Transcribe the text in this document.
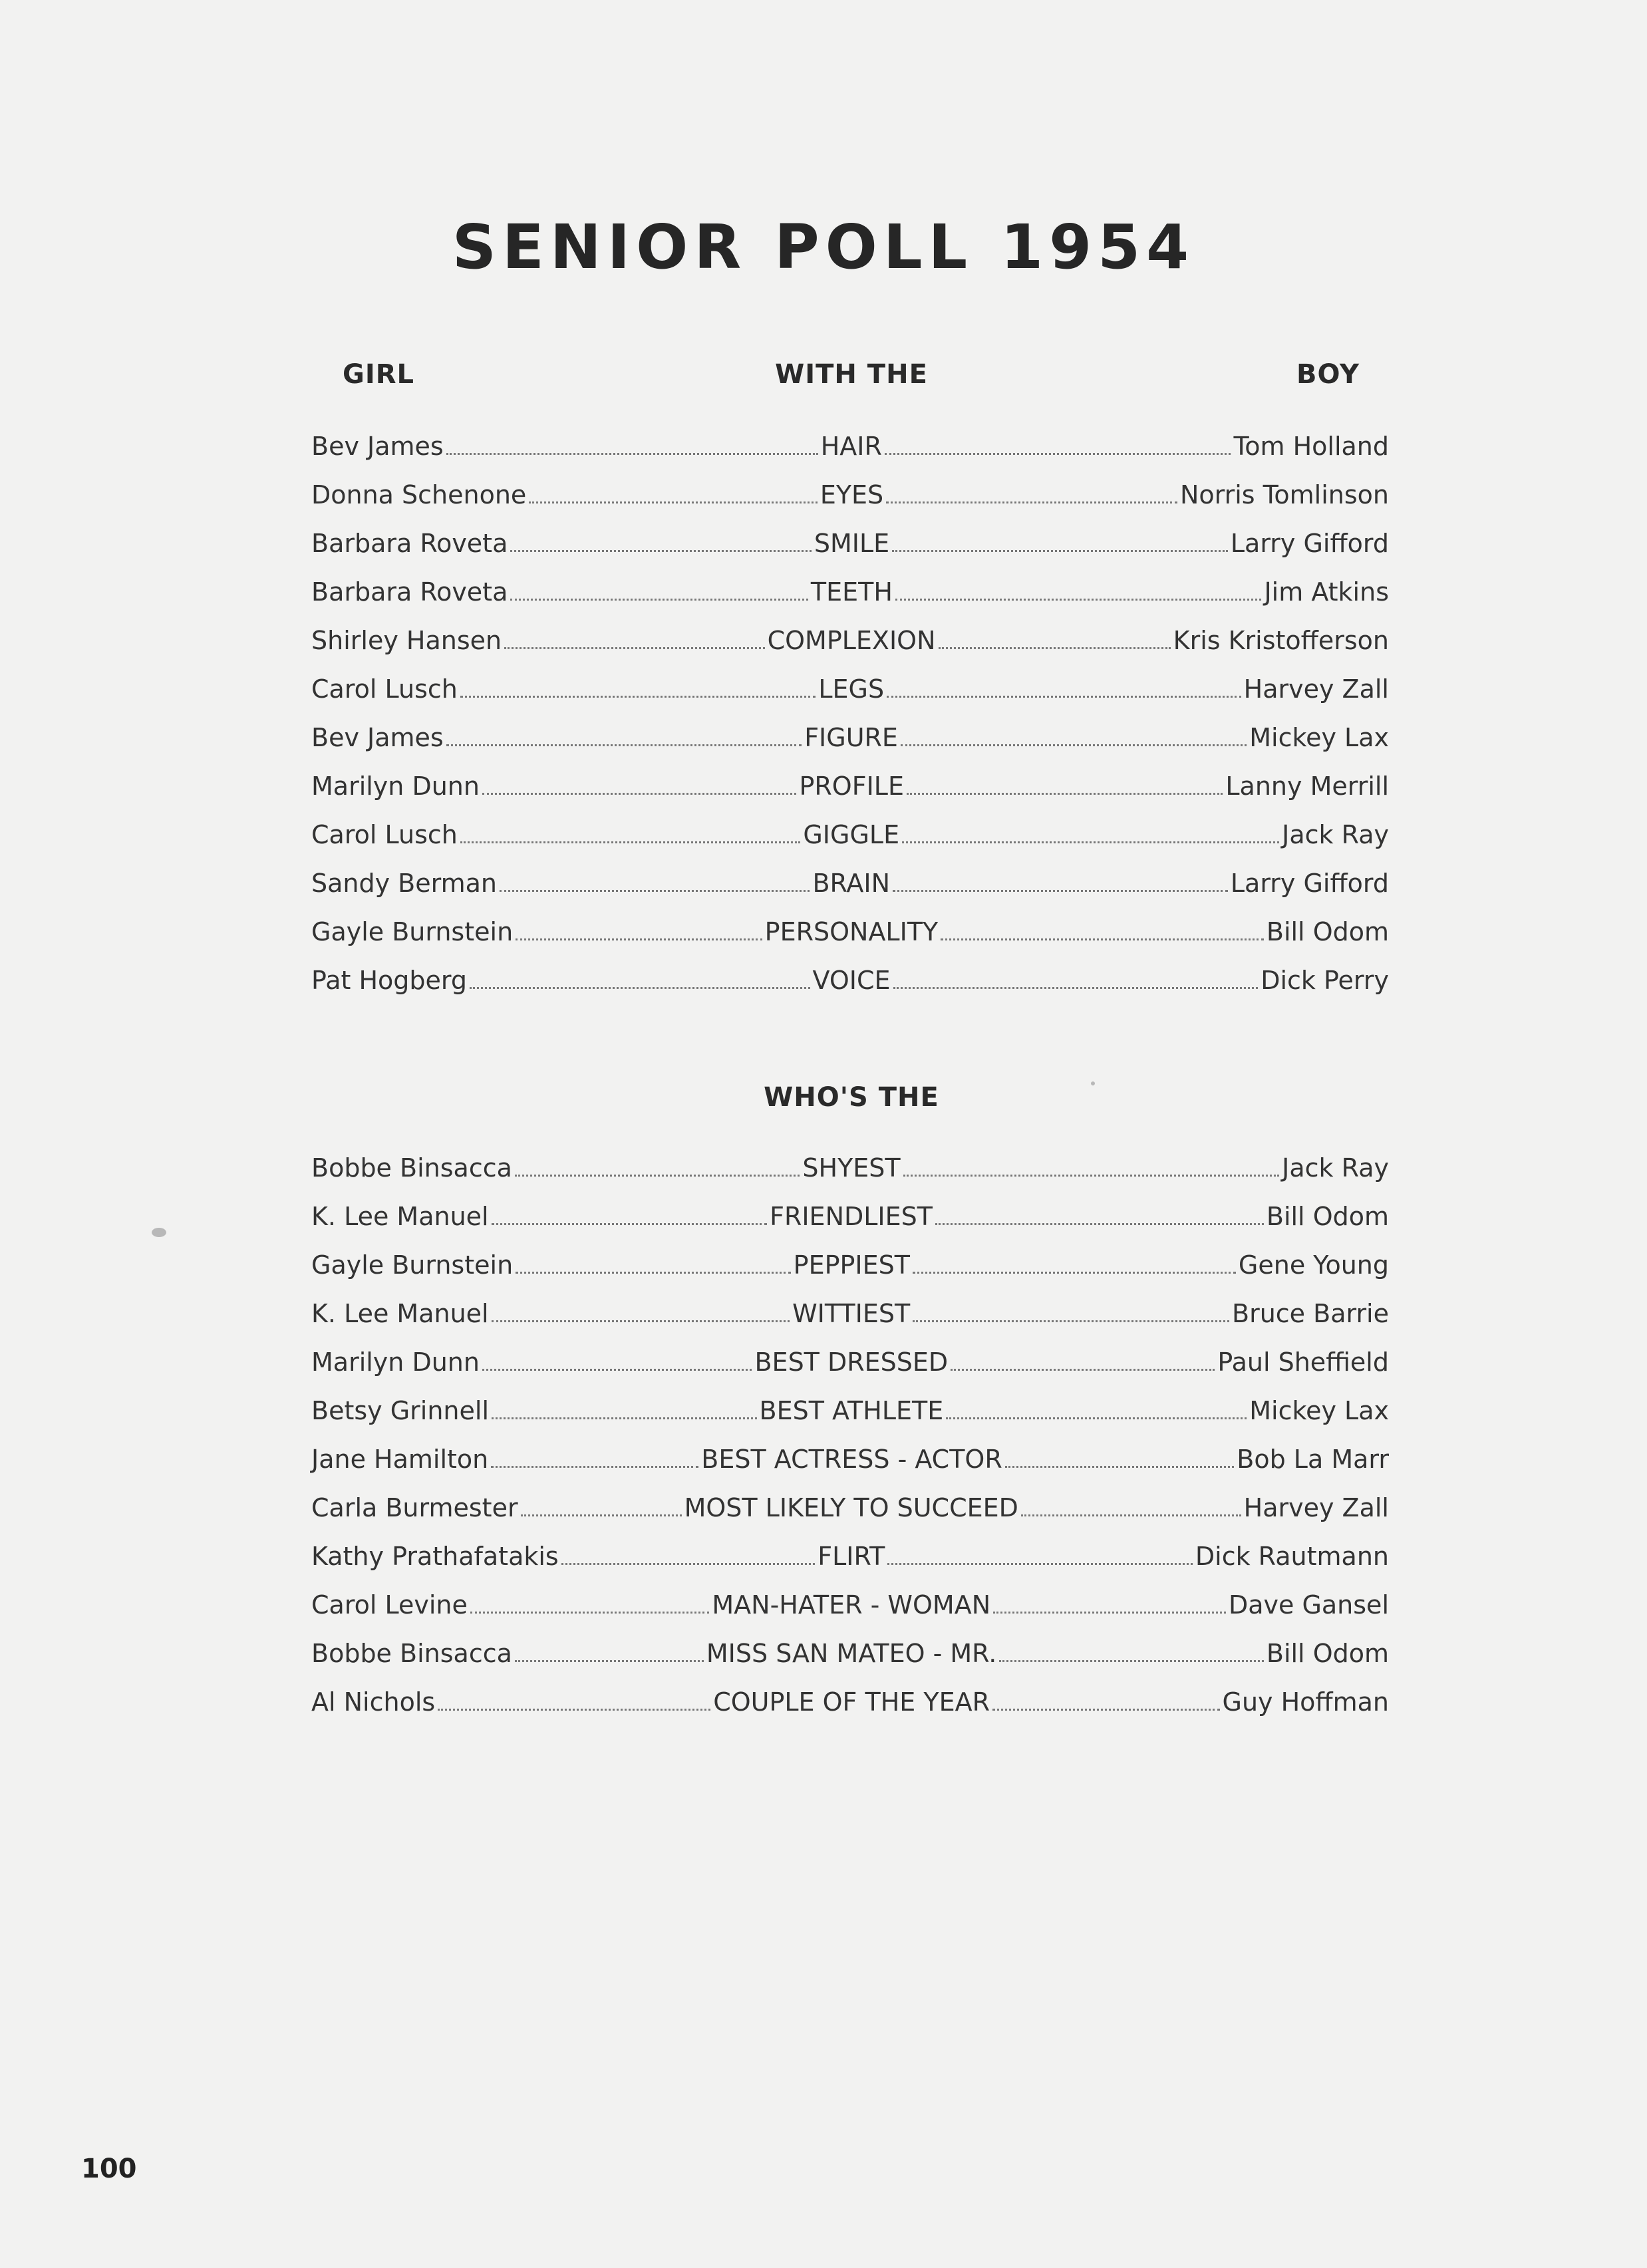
SENIOR POLL 1954
GIRL	WITH THE	BOY
Bev James	HAIR	Tom Holland
Donna Schenone	EYES	Norris Tomlinson
Barbara Roveta	SMILE	Larry Gifford
Barbara Roveta	TEETH	Jim Atkins
Shirley Hansen	COMPLEXION	Kris Kristofferson
Carol Lusch	LEGS	Harvey Zall
Bev James	FIGURE	Mickey Lax
Marilyn Dunn	PROFILE	Lanny Merrill
Carol Lusch	GIGGLE	Jack Ray
Sandy Berman	BRAIN	Larry Gifford
Gayle Burnstein	PERSONALITY	Bill Odom
Pat Hogberg	VOICE	Dick Perry
WHO'S THE
Bobbe Binsacca	SHYEST	Jack Ray
K. Lee Manuel	FRIENDLIEST	Bill Odom
Gayle Burnstein	PEPPIEST	Gene Young
K. Lee Manuel	WITTIEST	Bruce Barrie
Marilyn Dunn	BEST DRESSED	Paul Sheffield
Betsy Grinnell	BEST ATHLETE	Mickey Lax
Jane Hamilton	BEST ACTRESS - ACTOR	Bob La Marr
Carla Burmester	MOST LIKELY TO SUCCEED	Harvey Zall
Kathy Prathafatakis	FLIRT	Dick Rautmann
Carol Levine	MAN-HATER - WOMAN	Dave Gansel
Bobbe Binsacca	MISS SAN MATEO - MR.	Bill Odom
Al Nichols	COUPLE OF THE YEAR	Guy Hoffman
100
